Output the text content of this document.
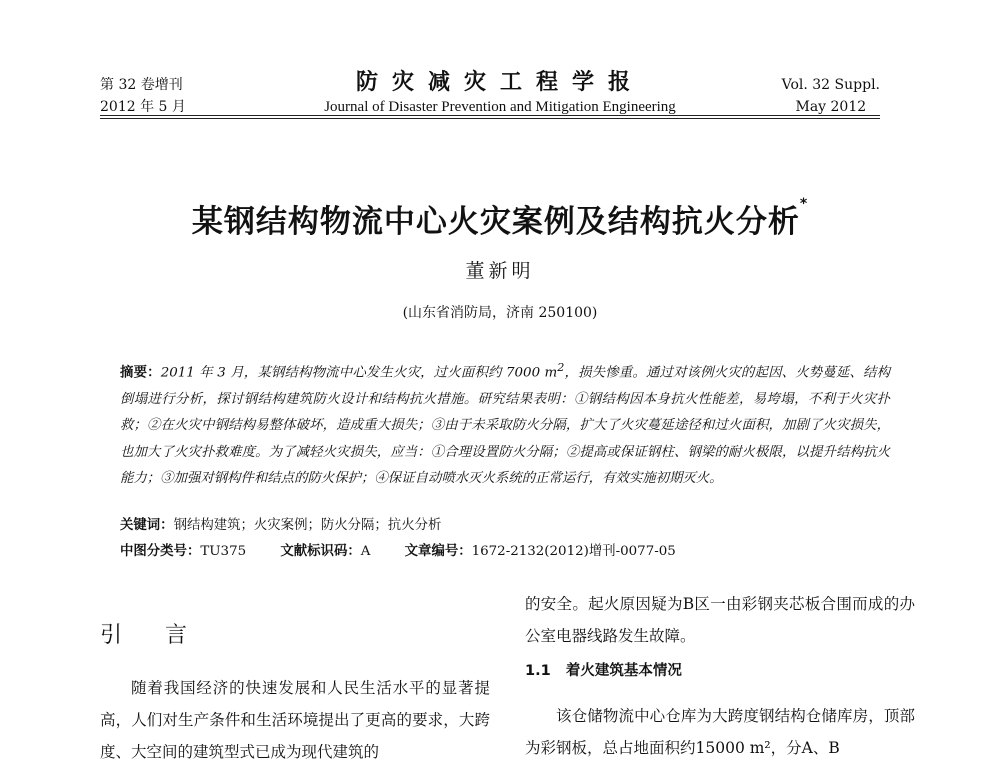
第 32 卷增刊
2012 年 5 月
防灾减灾工程学报
Journal of Disaster Prevention and Mitigation Engineering
Vol. 32 Suppl.
May 2012
某钢结构物流中心火灾案例及结构抗火分析*
董新明
(山东省消防局，济南 250100)
摘要：2011 年 3 月，某钢结构物流中心发生火灾，过火面积约 7000 $m^2$，损失惨重。通过对该例火灾的起因、火势蔓延、结构倒塌进行分析，探讨钢结构建筑防火设计和结构抗火措施。研究结果表明：①钢结构因本身抗火性能差，易垮塌，不利于火灾扑救；②在火灾中钢结构易整体破坏，造成重大损失；③由于未采取防火分隔，扩大了火灾蔓延途径和过火面积，加剧了火灾损失，也加大了火灾扑救难度。为了减轻火灾损失，应当：①合理设置防火分隔；②提高或保证钢柱、钢梁的耐火极限，以提升结构抗火能力；③加强对钢构件和结点的防火保护；④保证自动喷水灭火系统的正常运行，有效实施初期灭火。
关键词：钢结构建筑；火灾案例；防火分隔；抗火分析
中图分类号：TU375	文献标识码：A	文章编号：1672-2132(2012)增刊-0077-05
引 言
随着我国经济的快速发展和人民生活水平的显著提高，人们对生产条件和生活环境提出了更高的要求，大跨度、大空间的建筑型式已成为现代建筑的
的安全。起火原因疑为B区一由彩钢夹芯板合围而成的办公室电器线路发生故障。
1.1 着火建筑基本情况
该仓储物流中心仓库为大跨度钢结构仓储库房，顶部为彩钢板，总占地面积约15000 m²，分A、B
